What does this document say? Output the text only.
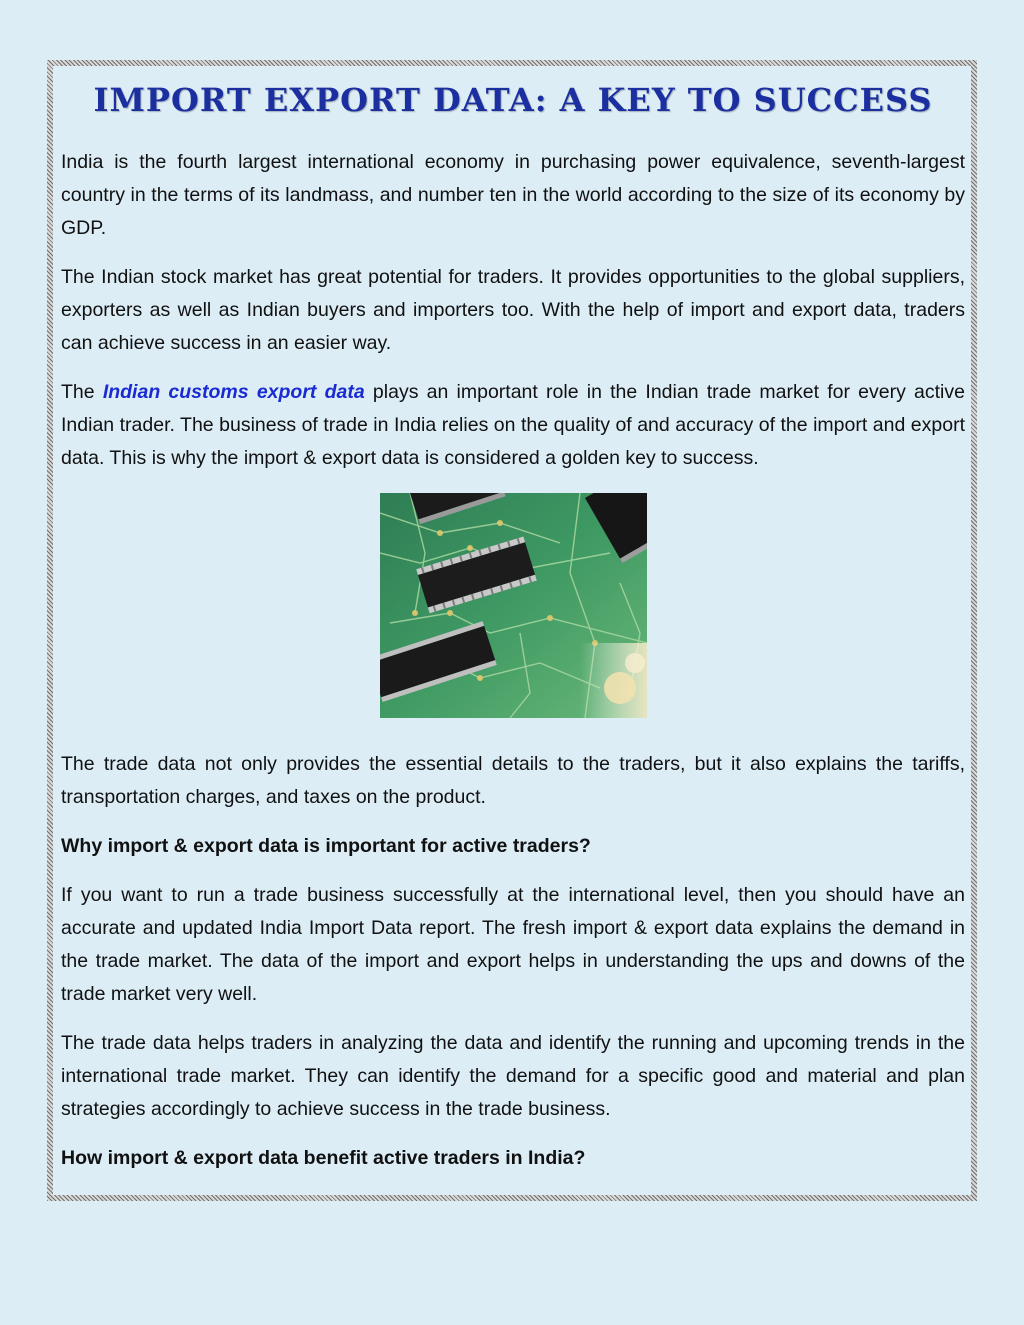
IMPORT EXPORT DATA: A KEY TO SUCCESS

India is the fourth largest international economy in purchasing power equivalence, seventh-largest country in the terms of its landmass, and number ten in the world according to the size of its economy by GDP.

The Indian stock market has great potential for traders. It provides opportunities to the global suppliers, exporters as well as Indian buyers and importers too. With the help of import and export data, traders can achieve success in an easier way.

The Indian customs export data plays an important role in the Indian trade market for every active Indian trader. The business of trade in India relies on the quality of and accuracy of the import and export data. This is why the import & export data is considered a golden key to success.

The trade data not only provides the essential details to the traders, but it also explains the tariffs, transportation charges, and taxes on the product.

Why import & export data is important for active traders?

If you want to run a trade business successfully at the international level, then you should have an accurate and updated India Import Data report. The fresh import & export data explains the demand in the trade market. The data of the import and export helps in understanding the ups and downs of the trade market very well.

The trade data helps traders in analyzing the data and identify the running and upcoming trends in the international trade market. They can identify the demand for a specific good and material and plan strategies accordingly to achieve success in the trade business.

How import & export data benefit active traders in India?
